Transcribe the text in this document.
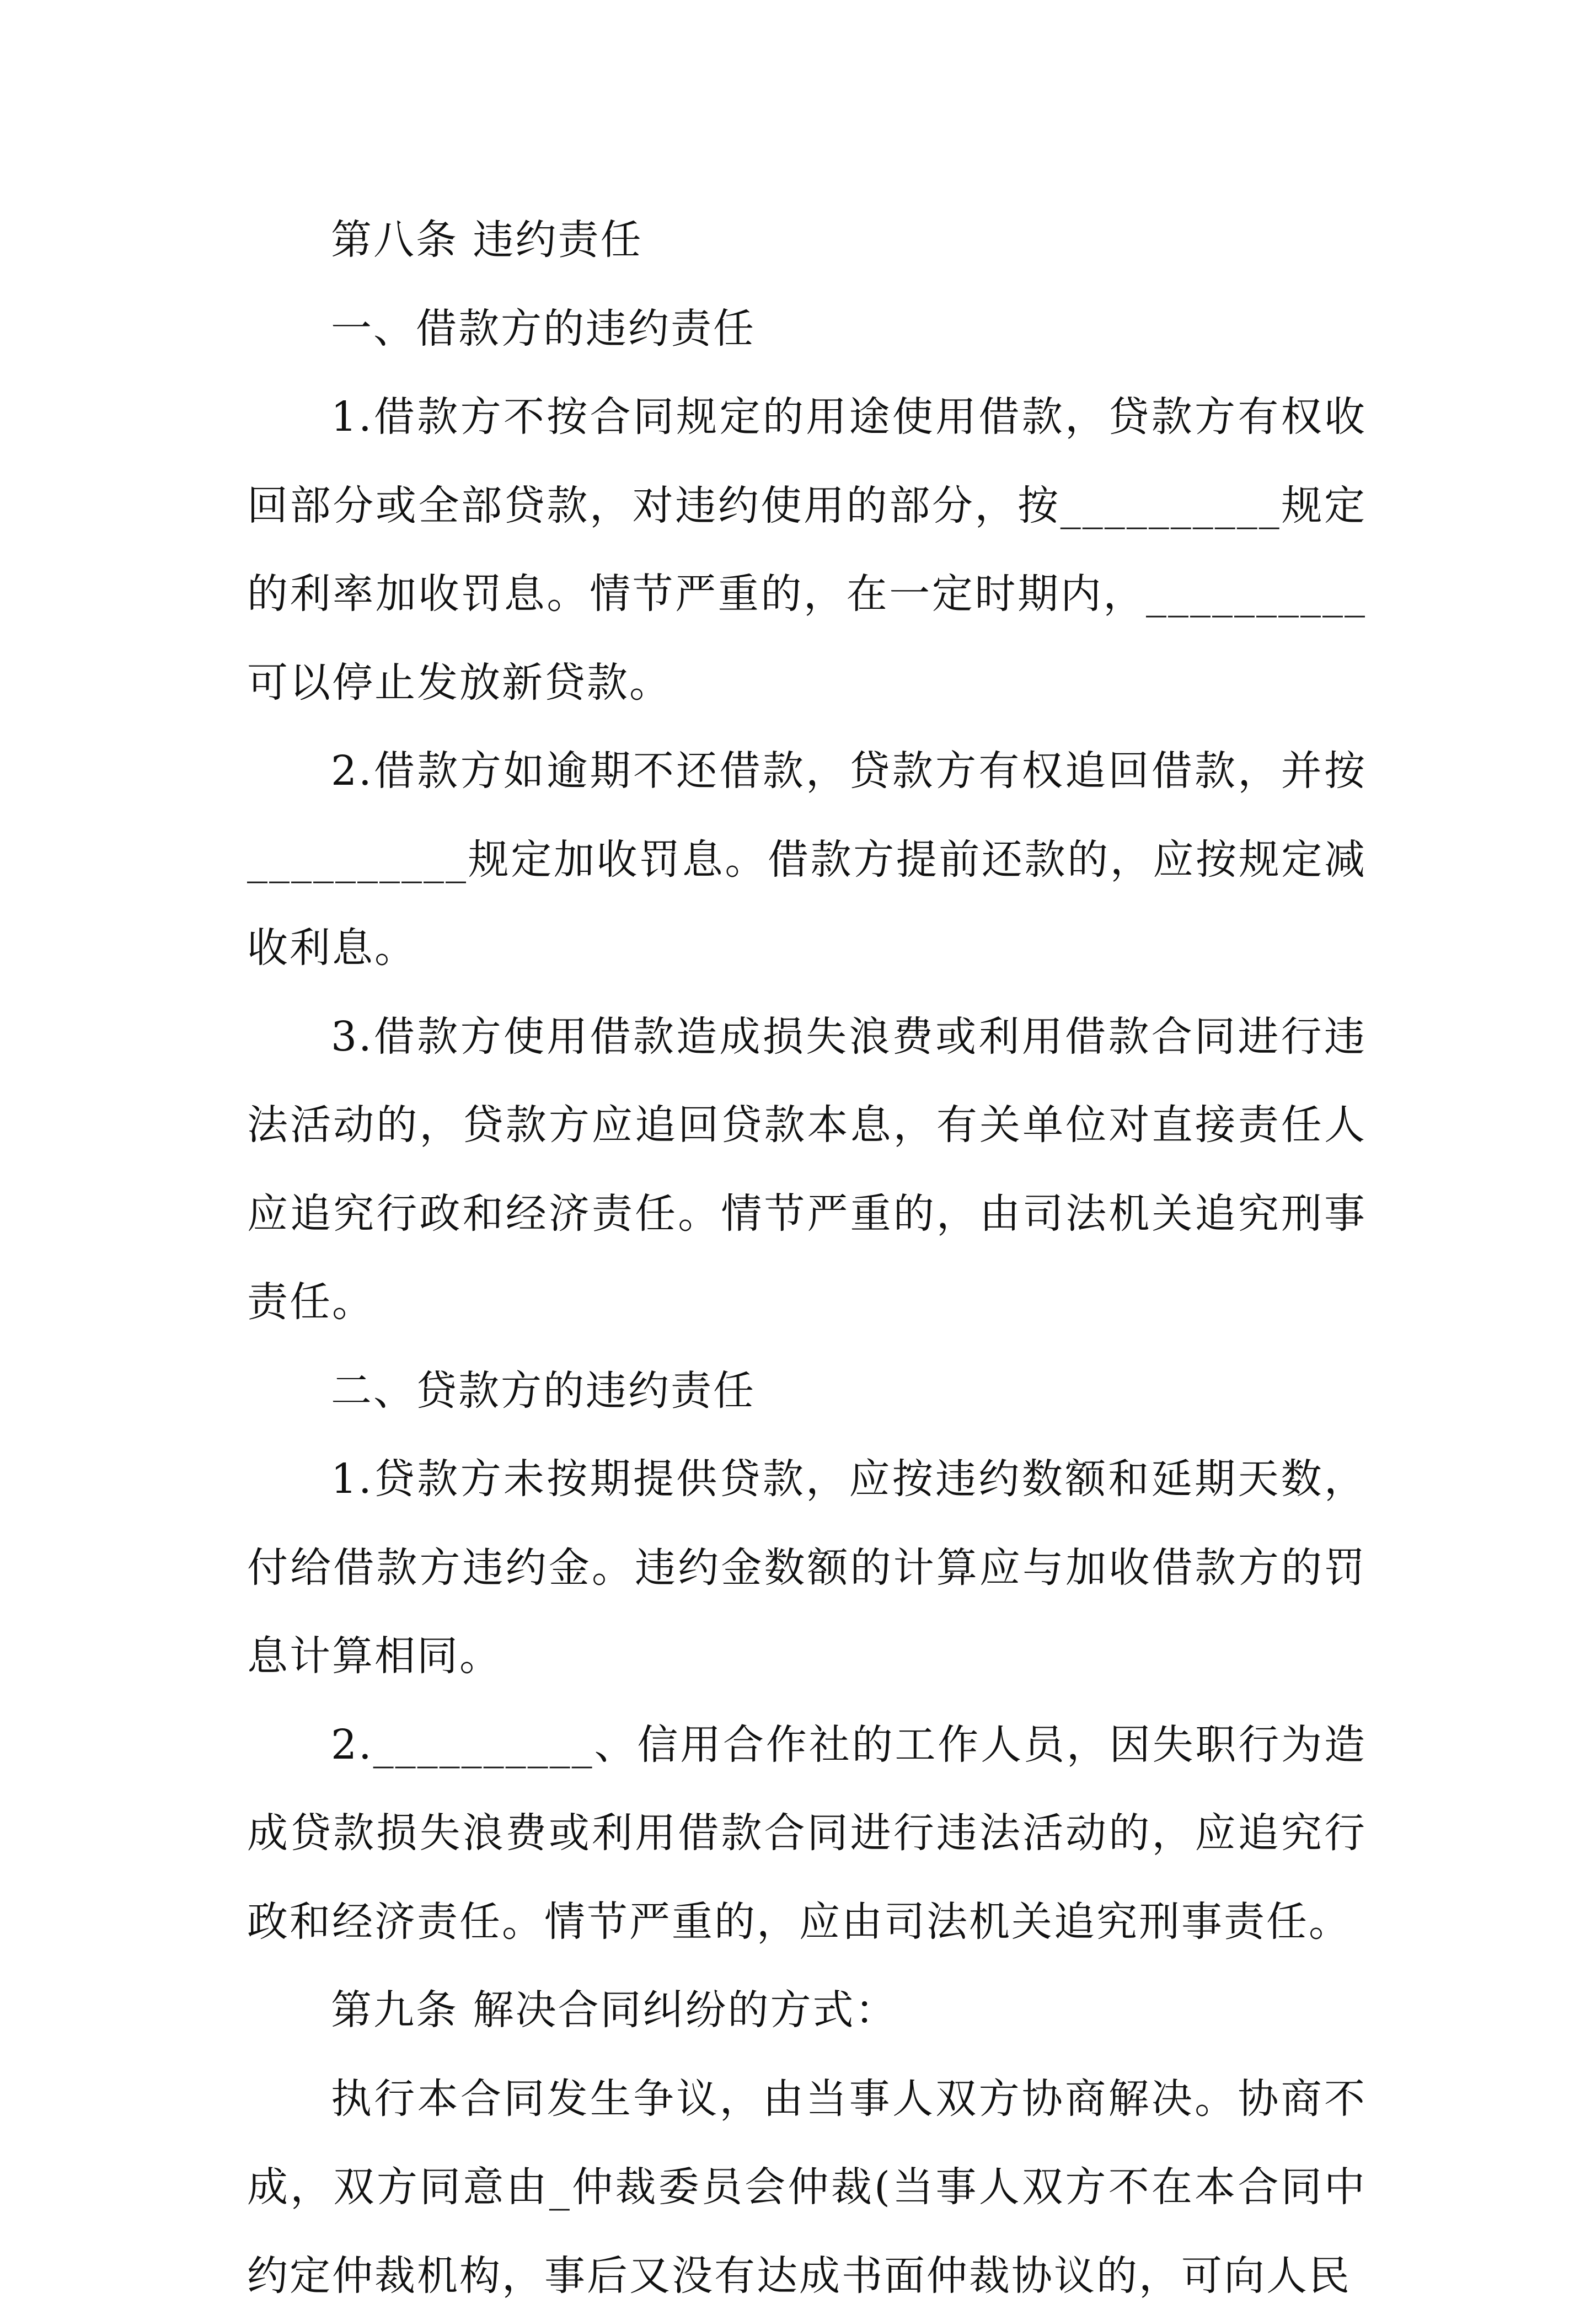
第八条 违约责任

一、借款方的违约责任

1.借款方不按合同规定的用途使用借款，贷款方有权收回部分或全部贷款，对违约使用的部分，按__________规定的利率加收罚息。情节严重的，在一定时期内，__________可以停止发放新贷款。

2.借款方如逾期不还借款，贷款方有权追回借款，并按__________规定加收罚息。借款方提前还款的，应按规定减收利息。

3.借款方使用借款造成损失浪费或利用借款合同进行违法活动的，贷款方应追回贷款本息，有关单位对直接责任人应追究行政和经济责任。情节严重的，由司法机关追究刑事责任。

二、贷款方的违约责任

1.贷款方未按期提供贷款，应按违约数额和延期天数，付给借款方违约金。违约金数额的计算应与加收借款方的罚息计算相同。

2.__________、信用合作社的工作人员，因失职行为造成贷款损失浪费或利用借款合同进行违法活动的，应追究行政和经济责任。情节严重的，应由司法机关追究刑事责任。

第九条 解决合同纠纷的方式：

执行本合同发生争议，由当事人双方协商解决。协商不成，双方同意由_仲裁委员会仲裁(当事人双方不在本合同中约定仲裁机构，事后又没有达成书面仲裁协议的，可向人民
